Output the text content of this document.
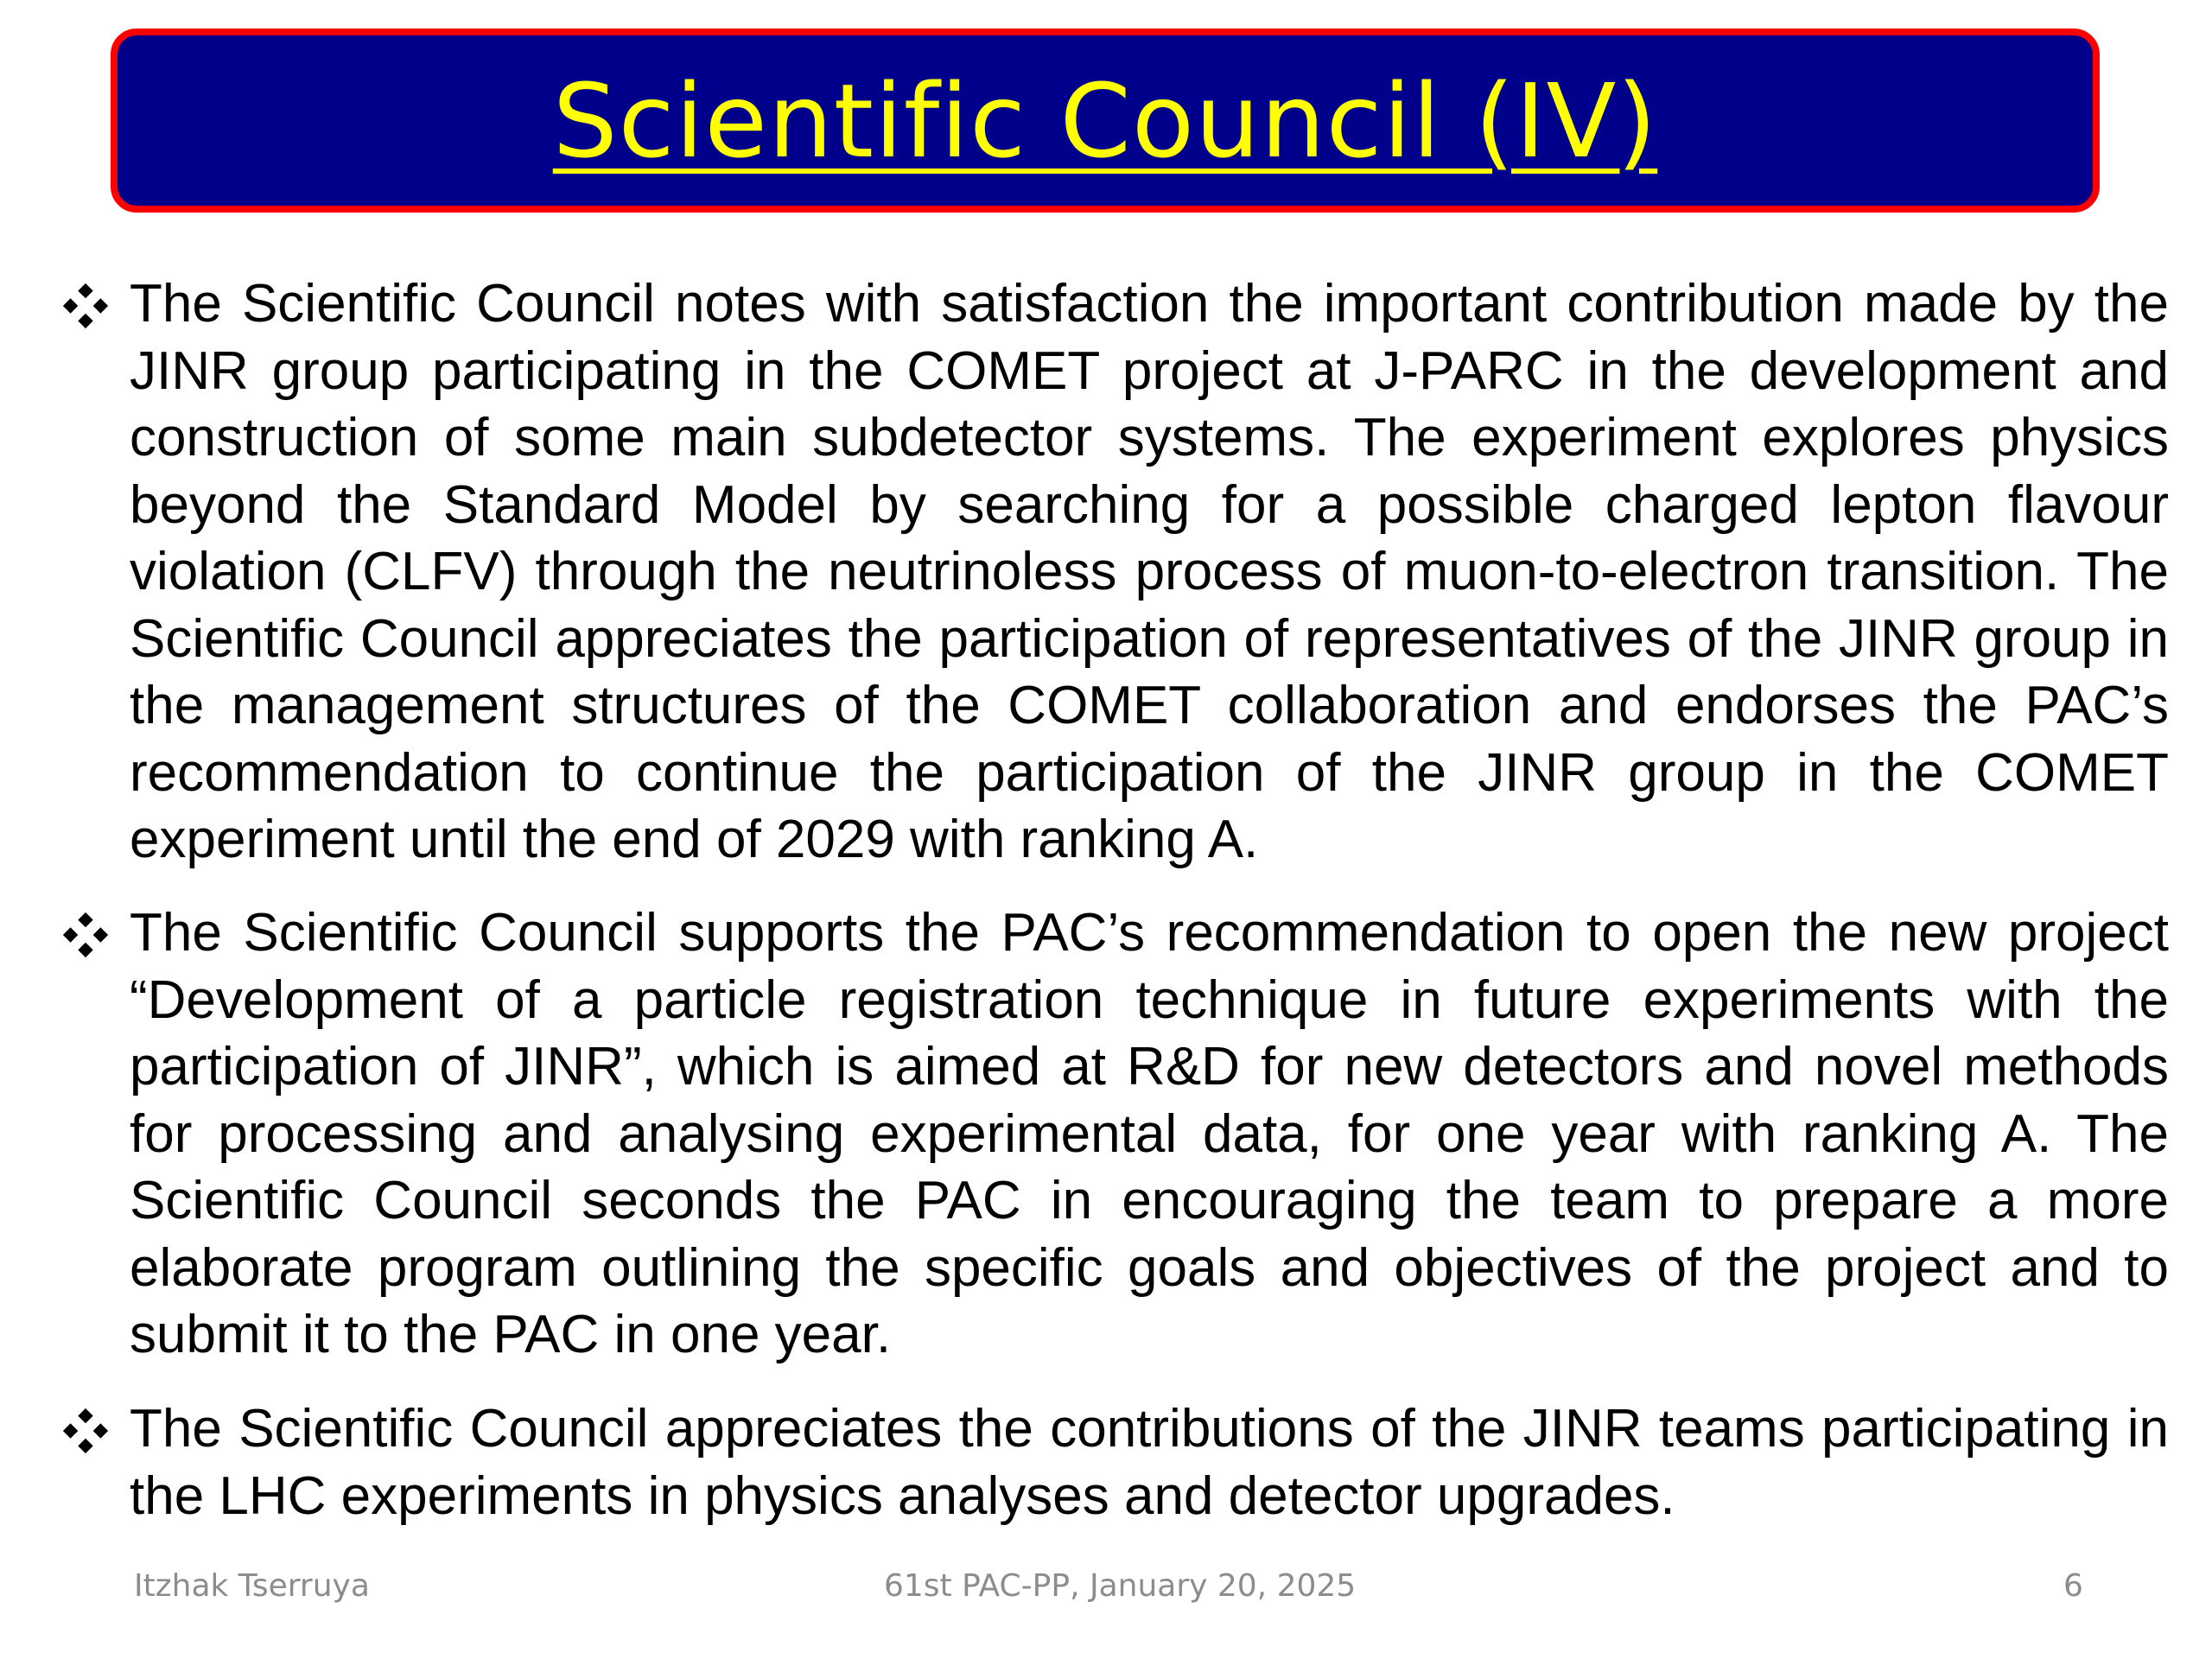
Scientific Council (IV)
The Scientific Council notes with satisfaction the important contribution made by the JINR group participating in the COMET project at J-PARC in the development and construction of some main subdetector systems. The experiment explores physics beyond the Standard Model by searching for a possible charged lepton flavour violation (CLFV) through the neutrinoless process of muon-to-electron transition. The Scientific Council appreciates the participation of representatives of the JINR group in the management structures of the COMET collaboration and endorses the PAC’s recommendation to continue the participation of the JINR group in the COMET experiment until the end of 2029 with ranking A.
The Scientific Council supports the PAC’s recommendation to open the new project “Development of a particle registration technique in future experiments with the participation of JINR”, which is aimed at R&D for new detectors and novel methods for processing and analysing experimental data, for one year with ranking A. The Scientific Council seconds the PAC in encouraging the team to prepare a more elaborate program outlining the specific goals and objectives of the project and to submit it to the PAC in one year.
The Scientific Council appreciates the contributions of the JINR teams participating in the LHC experiments in physics analyses and detector upgrades.
Itzhak Tserruya	61st PAC-PP, January 20, 2025	6
